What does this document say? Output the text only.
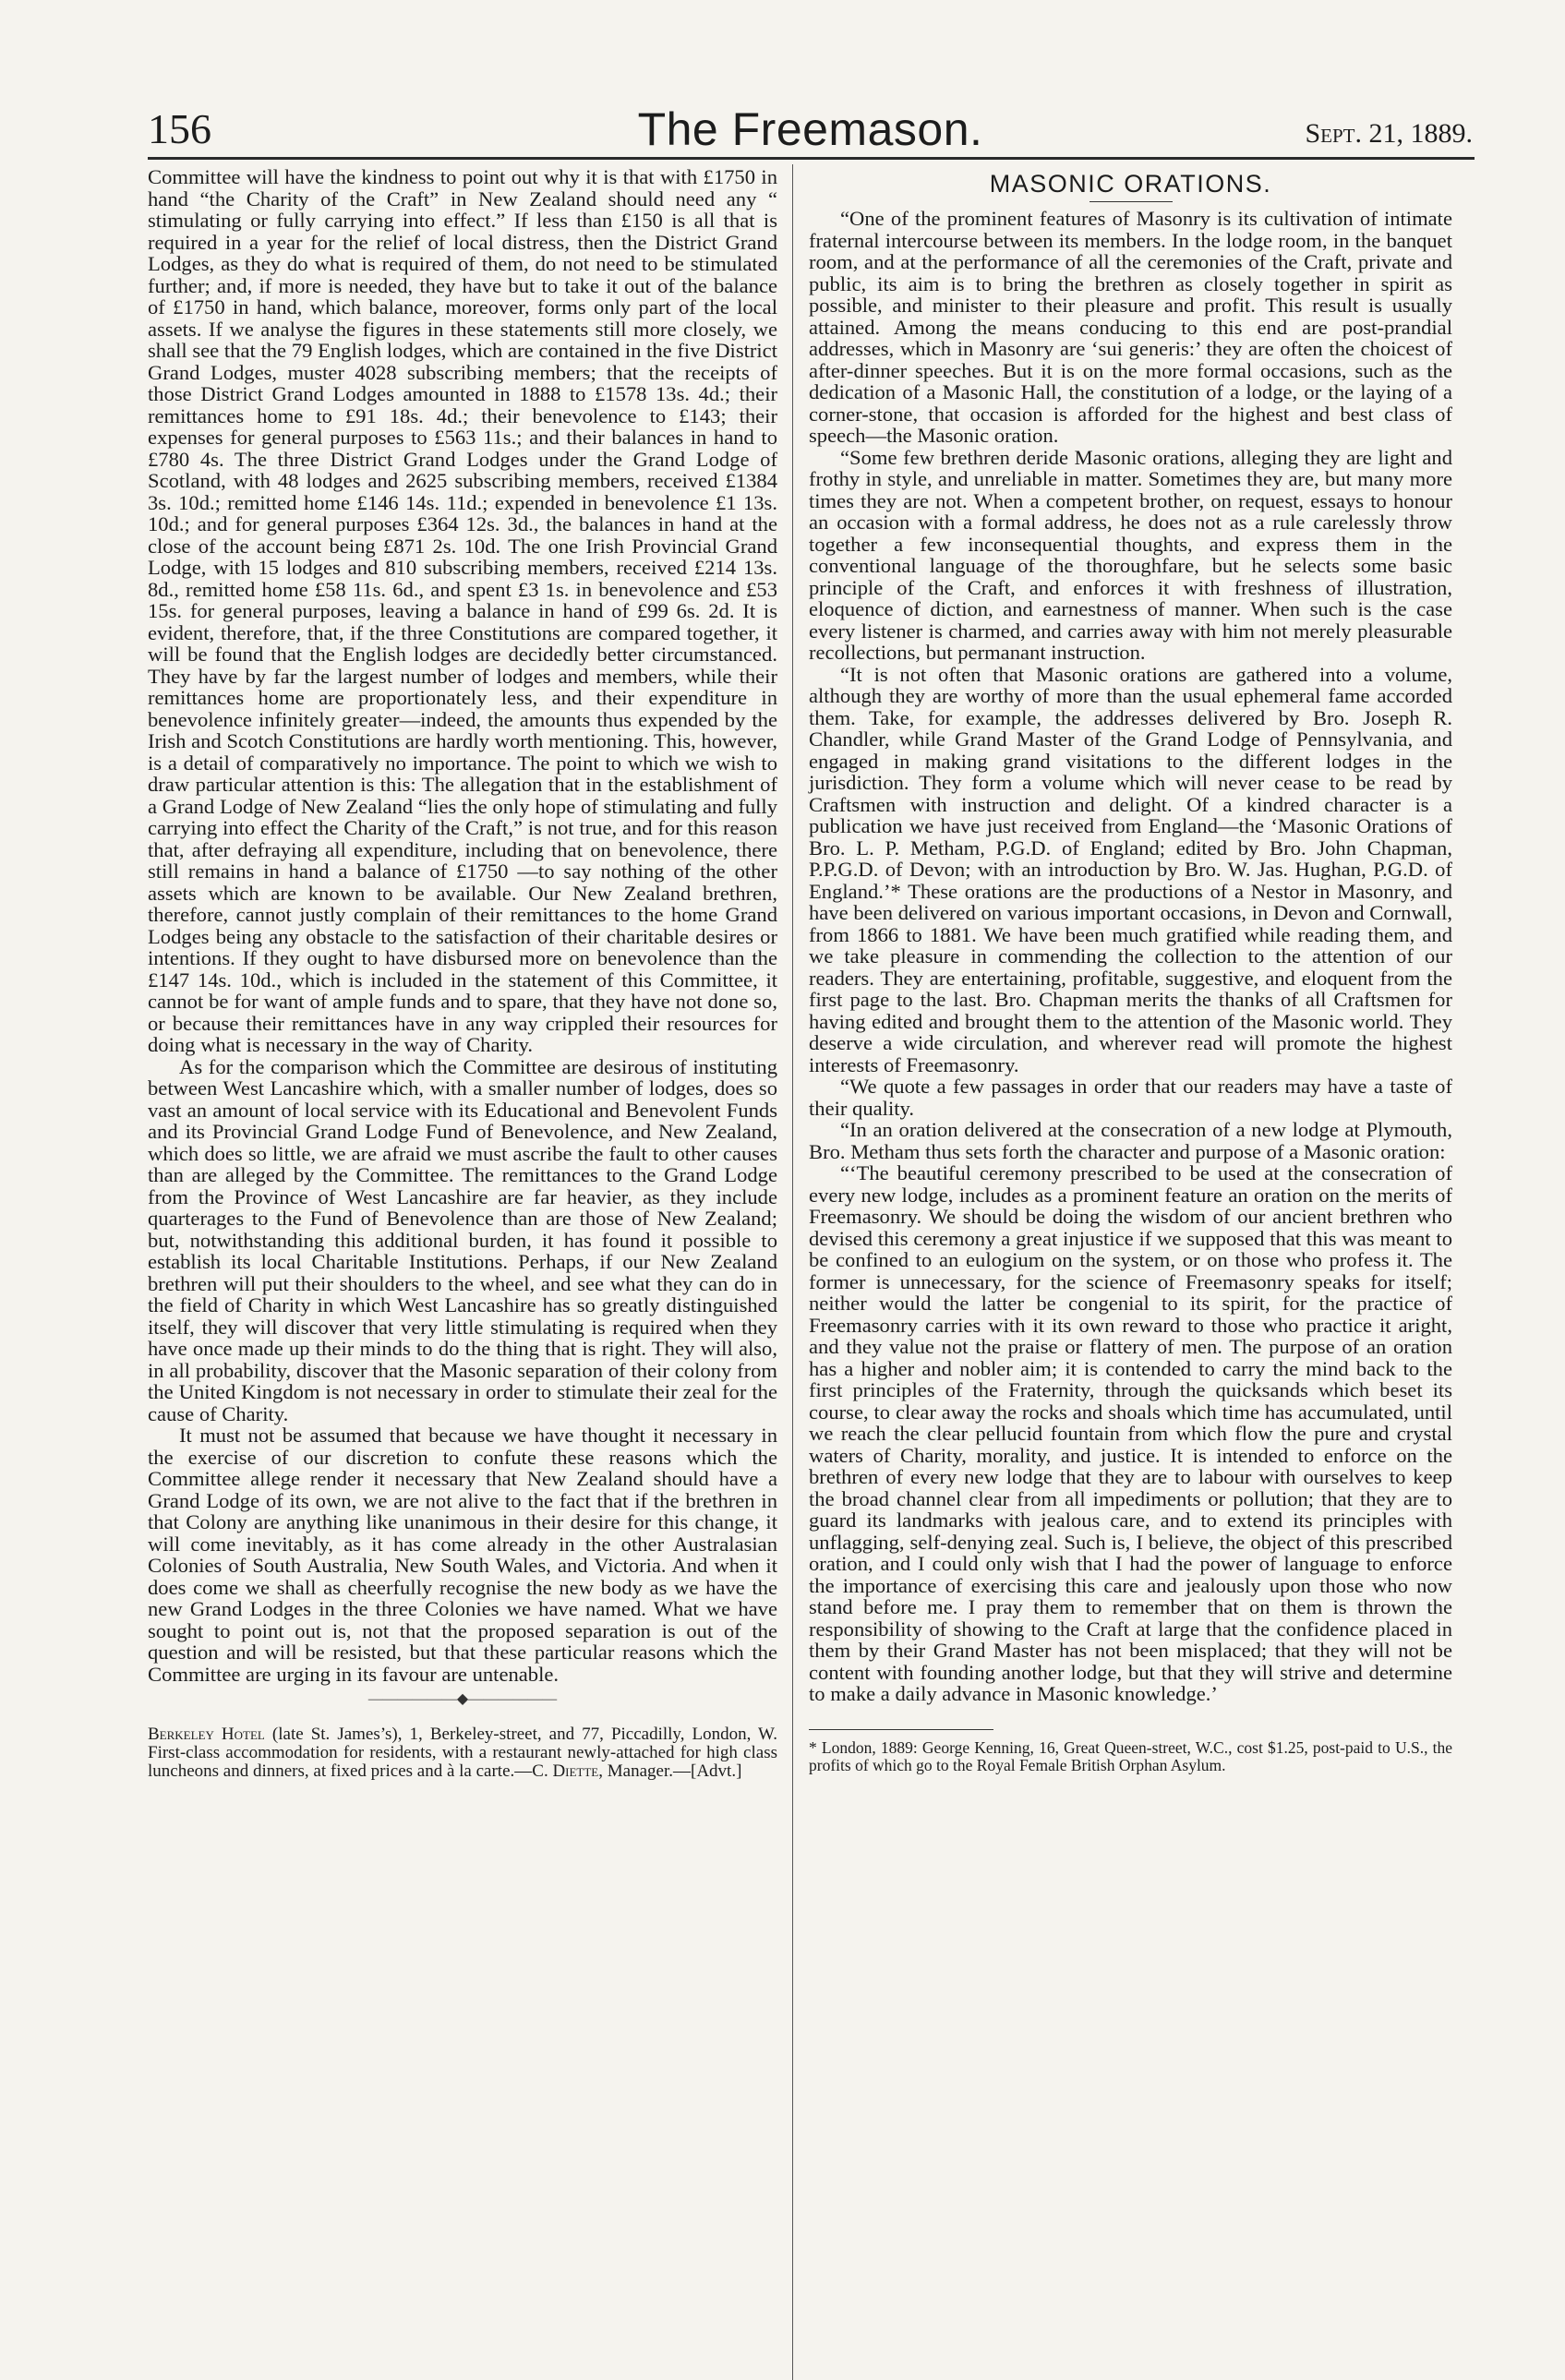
156	The Freemason.	Sept. 21, 1889.

Committee will have the kindness to point out why it is that with £1750 in hand “the Charity of the Craft” in New Zealand should need any “ stimulating or fully carrying into effect.” If less than £150 is all that is required in a year for the relief of local distress, then the District Grand Lodges, as they do what is required of them, do not need to be stimulated further; and, if more is needed, they have but to take it out of the balance of £1750 in hand, which balance, moreover, forms only part of the local assets. If we analyse the figures in these statements still more closely, we shall see that the 79 English lodges, which are contained in the five District Grand Lodges, muster 4028 subscribing members; that the receipts of those District Grand Lodges amounted in 1888 to £1578 13s. 4d.; their remittances home to £91 18s. 4d.; their benevolence to £143; their expenses for general purposes to £563 11s.; and their balances in hand to £780 4s. The three District Grand Lodges under the Grand Lodge of Scotland, with 48 lodges and 2625 subscribing members, received £1384 3s. 10d.; remitted home £146 14s. 11d.; expended in benevolence £1 13s. 10d.; and for general purposes £364 12s. 3d., the balances in hand at the close of the account being £871 2s. 10d. The one Irish Provincial Grand Lodge, with 15 lodges and 810 subscribing members, received £214 13s. 8d., remitted home £58 11s. 6d., and spent £3 1s. in benevolence and £53 15s. for general purposes, leaving a balance in hand of £99 6s. 2d. It is evident, therefore, that, if the three Constitutions are compared together, it will be found that the English lodges are decidedly better circumstanced. They have by far the largest number of lodges and members, while their remittances home are proportionately less, and their expenditure in benevolence infinitely greater—indeed, the amounts thus expended by the Irish and Scotch Constitutions are hardly worth mentioning. This, however, is a detail of comparatively no importance. The point to which we wish to draw particular attention is this: The allegation that in the establishment of a Grand Lodge of New Zealand “lies the only hope of stimulating and fully carrying into effect the Charity of the Craft,” is not true, and for this reason that, after defraying all expenditure, including that on benevolence, there still remains in hand a balance of £1750 —to say nothing of the other assets which are known to be available. Our New Zealand brethren, therefore, cannot justly complain of their remittances to the home Grand Lodges being any obstacle to the satisfaction of their charitable desires or intentions. If they ought to have disbursed more on benevolence than the £147 14s. 10d., which is included in the statement of this Committee, it cannot be for want of ample funds and to spare, that they have not done so, or because their remittances have in any way crippled their resources for doing what is necessary in the way of Charity.

As for the comparison which the Committee are desirous of instituting between West Lancashire which, with a smaller number of lodges, does so vast an amount of local service with its Educational and Benevolent Funds and its Provincial Grand Lodge Fund of Benevolence, and New Zealand, which does so little, we are afraid we must ascribe the fault to other causes than are alleged by the Committee. The remittances to the Grand Lodge from the Province of West Lancashire are far heavier, as they include quarterages to the Fund of Benevolence than are those of New Zealand; but, notwithstanding this additional burden, it has found it possible to establish its local Charitable Institutions. Perhaps, if our New Zealand brethren will put their shoulders to the wheel, and see what they can do in the field of Charity in which West Lancashire has so greatly distinguished itself, they will discover that very little stimulating is required when they have once made up their minds to do the thing that is right. They will also, in all probability, discover that the Masonic separation of their colony from the United Kingdom is not necessary in order to stimulate their zeal for the cause of Charity.

It must not be assumed that because we have thought it necessary in the exercise of our discretion to confute these reasons which the Committee allege render it necessary that New Zealand should have a Grand Lodge of its own, we are not alive to the fact that if the brethren in that Colony are anything like unanimous in their desire for this change, it will come inevitably, as it has come already in the other Australasian Colonies of South Australia, New South Wales, and Victoria. And when it does come we shall as cheerfully recognise the new body as we have the new Grand Lodges in the three Colonies we have named. What we have sought to point out is, not that the proposed separation is out of the question and will be resisted, but that these particular reasons which the Committee are urging in its favour are untenable.

——————◆——————

Berkeley Hotel (late St. James’s), 1, Berkeley-street, and 77, Piccadilly, London, W. First-class accommodation for residents, with a restaurant newly-attached for high class luncheons and dinners, at fixed prices and à la carte.—C. Diette, Manager.—[Advt.]

MASONIC ORATIONS.

“One of the prominent features of Masonry is its cultivation of intimate fraternal intercourse between its members. In the lodge room, in the banquet room, and at the performance of all the ceremonies of the Craft, private and public, its aim is to bring the brethren as closely together in spirit as possible, and minister to their pleasure and profit. This result is usually attained. Among the means conducing to this end are post-prandial addresses, which in Masonry are ‘sui generis:’ they are often the choicest of after-dinner speeches. But it is on the more formal occasions, such as the dedication of a Masonic Hall, the constitution of a lodge, or the laying of a corner-stone, that occasion is afforded for the highest and best class of speech—the Masonic oration.

“Some few brethren deride Masonic orations, alleging they are light and frothy in style, and unreliable in matter. Sometimes they are, but many more times they are not. When a competent brother, on request, essays to honour an occasion with a formal address, he does not as a rule carelessly throw together a few inconsequential thoughts, and express them in the conventional language of the thoroughfare, but he selects some basic principle of the Craft, and enforces it with freshness of illustration, eloquence of diction, and earnestness of manner. When such is the case every listener is charmed, and carries away with him not merely pleasurable recollections, but permanant instruction.

“It is not often that Masonic orations are gathered into a volume, although they are worthy of more than the usual ephemeral fame accorded them. Take, for example, the addresses delivered by Bro. Joseph R. Chandler, while Grand Master of the Grand Lodge of Pennsylvania, and engaged in making grand visitations to the different lodges in the jurisdiction. They form a volume which will never cease to be read by Craftsmen with instruction and delight. Of a kindred character is a publication we have just received from England—the ‘Masonic Orations of Bro. L. P. Metham, P.G.D. of England; edited by Bro. John Chapman, P.P.G.D. of Devon; with an introduction by Bro. W. Jas. Hughan, P.G.D. of England.’* These orations are the productions of a Nestor in Masonry, and have been delivered on various important occasions, in Devon and Cornwall, from 1866 to 1881. We have been much gratified while reading them, and we take pleasure in commending the collection to the attention of our readers. They are entertaining, profitable, suggestive, and eloquent from the first page to the last. Bro. Chapman merits the thanks of all Craftsmen for having edited and brought them to the attention of the Masonic world. They deserve a wide circulation, and wherever read will promote the highest interests of Freemasonry.

“We quote a few passages in order that our readers may have a taste of their quality.

“In an oration delivered at the consecration of a new lodge at Plymouth, Bro. Metham thus sets forth the character and purpose of a Masonic oration:

“‘The beautiful ceremony prescribed to be used at the consecration of every new lodge, includes as a prominent feature an oration on the merits of Freemasonry. We should be doing the wisdom of our ancient brethren who devised this ceremony a great injustice if we supposed that this was meant to be confined to an eulogium on the system, or on those who profess it. The former is unnecessary, for the science of Freemasonry speaks for itself; neither would the latter be congenial to its spirit, for the practice of Freemasonry carries with it its own reward to those who practice it aright, and they value not the praise or flattery of men. The purpose of an oration has a higher and nobler aim; it is contended to carry the mind back to the first principles of the Fraternity, through the quicksands which beset its course, to clear away the rocks and shoals which time has accumulated, until we reach the clear pellucid fountain from which flow the pure and crystal waters of Charity, morality, and justice. It is intended to enforce on the brethren of every new lodge that they are to labour with ourselves to keep the broad channel clear from all impediments or pollution; that they are to guard its landmarks with jealous care, and to extend its principles with unflagging, self-denying zeal. Such is, I believe, the object of this prescribed oration, and I could only wish that I had the power of language to enforce the importance of exercising this care and jealously upon those who now stand before me. I pray them to remember that on them is thrown the responsibility of showing to the Craft at large that the confidence placed in them by their Grand Master has not been misplaced; that they will not be content with founding another lodge, but that they will strive and determine to make a daily advance in Masonic knowledge.’

* London, 1889: George Kenning, 16, Great Queen-street, W.C., cost $1.25, post-paid to U.S., the profits of which go to the Royal Female British Orphan Asylum.
